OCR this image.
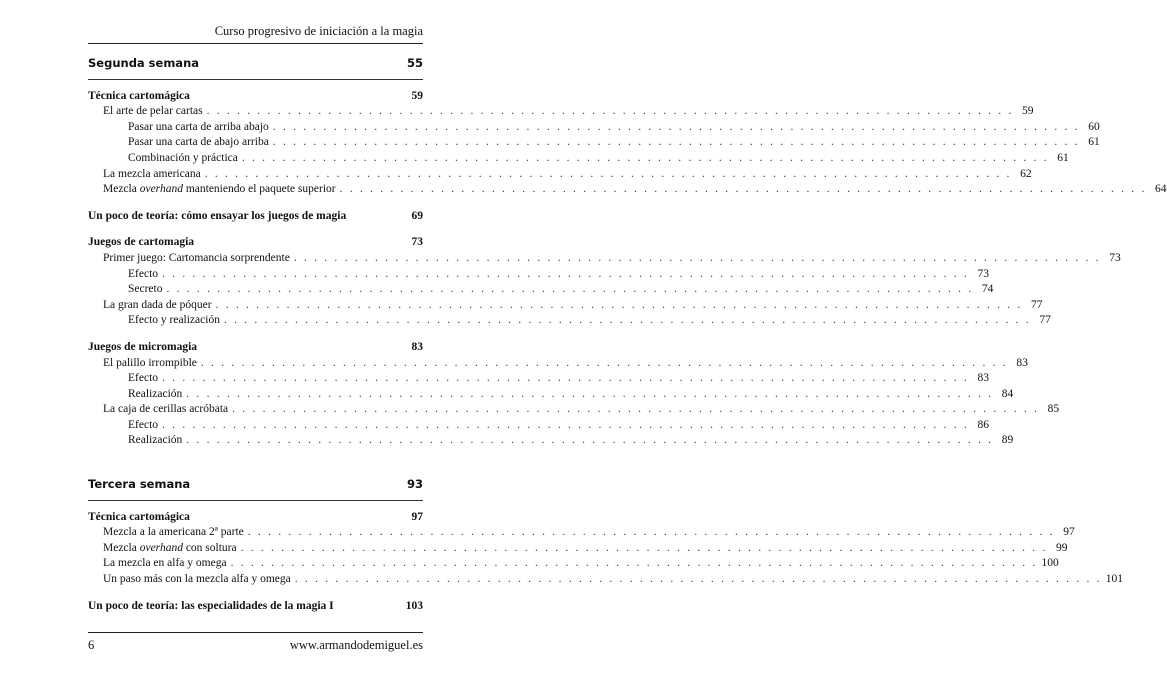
Curso progresivo de iniciación a la magia
Segunda semana	55
Técnica cartomágica	59
El arte de pelar cartas . . . . . . . . . . . . . . . . . . . . . . . . . . . . . . . . . . . . . . . . . . . . . . . . . . . . . . . . . . . . . . . . . . . . . . . . . . . . . . . . 59
Pasar una carta de arriba abajo . . . . . . . . . . . . . . . . . . . . . . . . . . . . . . . . . . . . . . . . . . . . . . . . . . . . . . . . . . . . . . . . . . . . . . . . . . . . . . . . 60
Pasar una carta de abajo arriba . . . . . . . . . . . . . . . . . . . . . . . . . . . . . . . . . . . . . . . . . . . . . . . . . . . . . . . . . . . . . . . . . . . . . . . . . . . . . . . . 61
Combinación y práctica . . . . . . . . . . . . . . . . . . . . . . . . . . . . . . . . . . . . . . . . . . . . . . . . . . . . . . . . . . . . . . . . . . . . . . . . . . . . . . . . 61
La mezcla americana . . . . . . . . . . . . . . . . . . . . . . . . . . . . . . . . . . . . . . . . . . . . . . . . . . . . . . . . . . . . . . . . . . . . . . . . . . . . . . . . 62
Mezcla overhand manteniendo el paquete superior . . . . . . . . . . . . . . . . . . . . . . . . . . . . . . . . . . . . . . . . . . . . . . . . . . . . . . . . . . . . . . . . . . . . . . . . . . . . . . . . 64
Un poco de teoría: cómo ensayar los juegos de magia	69
Juegos de cartomagia	73
Primer juego: Cartomancia sorprendente . . . . . . . . . . . . . . . . . . . . . . . . . . . . . . . . . . . . . . . . . . . . . . . . . . . . . . . . . . . . . . . . . . . . . . . . . . . . . . . . 73
Efecto . . . . . . . . . . . . . . . . . . . . . . . . . . . . . . . . . . . . . . . . . . . . . . . . . . . . . . . . . . . . . . . . . . . . . . . . . . . . . . . . 73
Secreto . . . . . . . . . . . . . . . . . . . . . . . . . . . . . . . . . . . . . . . . . . . . . . . . . . . . . . . . . . . . . . . . . . . . . . . . . . . . . . . . 74
La gran dada de póquer . . . . . . . . . . . . . . . . . . . . . . . . . . . . . . . . . . . . . . . . . . . . . . . . . . . . . . . . . . . . . . . . . . . . . . . . . . . . . . . . 77
Efecto y realización . . . . . . . . . . . . . . . . . . . . . . . . . . . . . . . . . . . . . . . . . . . . . . . . . . . . . . . . . . . . . . . . . . . . . . . . . . . . . . . . 77
Juegos de micromagia	83
El palillo irrompible . . . . . . . . . . . . . . . . . . . . . . . . . . . . . . . . . . . . . . . . . . . . . . . . . . . . . . . . . . . . . . . . . . . . . . . . . . . . . . . . 83
Efecto . . . . . . . . . . . . . . . . . . . . . . . . . . . . . . . . . . . . . . . . . . . . . . . . . . . . . . . . . . . . . . . . . . . . . . . . . . . . . . . . 83
Realización . . . . . . . . . . . . . . . . . . . . . . . . . . . . . . . . . . . . . . . . . . . . . . . . . . . . . . . . . . . . . . . . . . . . . . . . . . . . . . . . 84
La caja de cerillas acróbata . . . . . . . . . . . . . . . . . . . . . . . . . . . . . . . . . . . . . . . . . . . . . . . . . . . . . . . . . . . . . . . . . . . . . . . . . . . . . . . . 85
Efecto . . . . . . . . . . . . . . . . . . . . . . . . . . . . . . . . . . . . . . . . . . . . . . . . . . . . . . . . . . . . . . . . . . . . . . . . . . . . . . . . 86
Realización . . . . . . . . . . . . . . . . . . . . . . . . . . . . . . . . . . . . . . . . . . . . . . . . . . . . . . . . . . . . . . . . . . . . . . . . . . . . . . . . 89
Tercera semana	93
Técnica cartomágica	97
Mezcla a la americana 2ª parte . . . . . . . . . . . . . . . . . . . . . . . . . . . . . . . . . . . . . . . . . . . . . . . . . . . . . . . . . . . . . . . . . . . . . . . . . . . . . . . . 97
Mezcla overhand con soltura . . . . . . . . . . . . . . . . . . . . . . . . . . . . . . . . . . . . . . . . . . . . . . . . . . . . . . . . . . . . . . . . . . . . . . . . . . . . . . . . 99
La mezcla en alfa y omega . . . . . . . . . . . . . . . . . . . . . . . . . . . . . . . . . . . . . . . . . . . . . . . . . . . . . . . . . . . . . . . . . . . . . . . . . . . . . . . . 100
Un paso más con la mezcla alfa y omega . . . . . . . . . . . . . . . . . . . . . . . . . . . . . . . . . . . . . . . . . . . . . . . . . . . . . . . . . . . . . . . . . . . . . . . . . . . . . . . . 101
Un poco de teoría: las especialidades de la magia I	103
6	www.armandodemiguel.es
